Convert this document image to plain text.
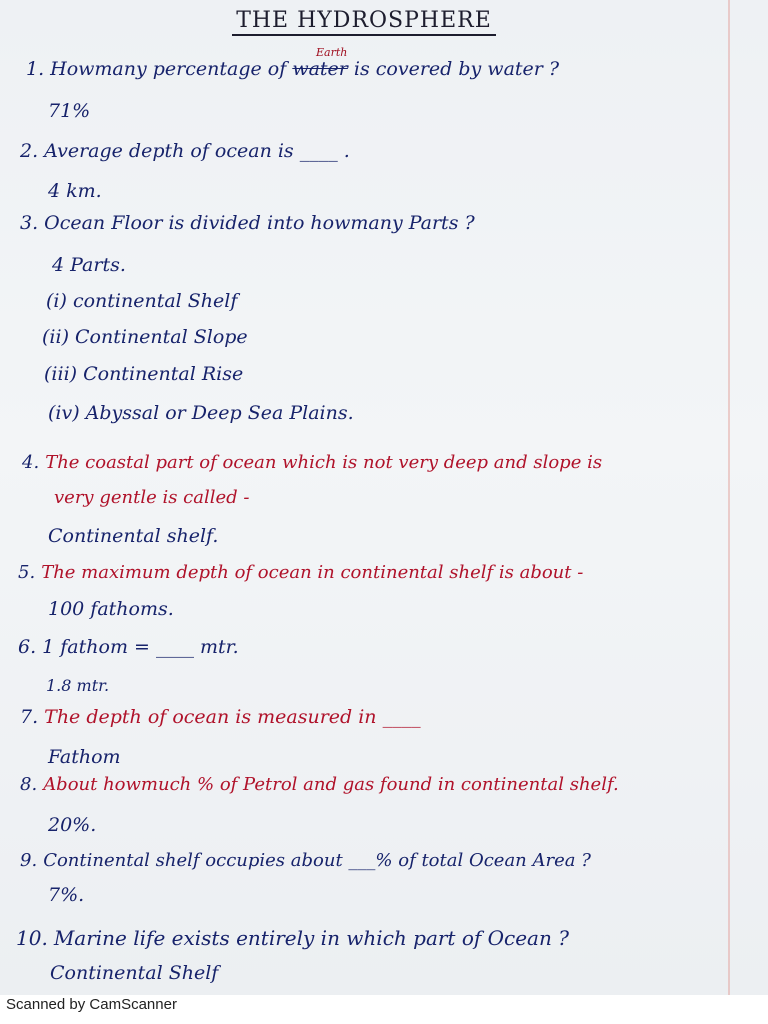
THE HYDROSPHERE
Earth
1. Howmany percentage of water is covered by water ?
71%
2. Average depth of ocean is ____ .
4 km.
3. Ocean Floor is divided into howmany Parts ?
4 Parts.
(i) continental Shelf
(ii) Continental Slope
(iii) Continental Rise
(iv) Abyssal or Deep Sea Plains.
4. The coastal part of ocean which is not very deep and slope is
very gentle is called -
Continental shelf.
5. The maximum depth of ocean in continental shelf is about -
100 fathoms.
6. 1 fathom = ____ mtr.
1.8 mtr.
7. The depth of ocean is measured in ____
Fathom
8. About howmuch % of Petrol and gas found in continental shelf.
20%.
9. Continental shelf occupies about ___% of total Ocean Area ?
7%.
10. Marine life exists entirely in which part of Ocean ?
Continental Shelf
Scanned by CamScanner
